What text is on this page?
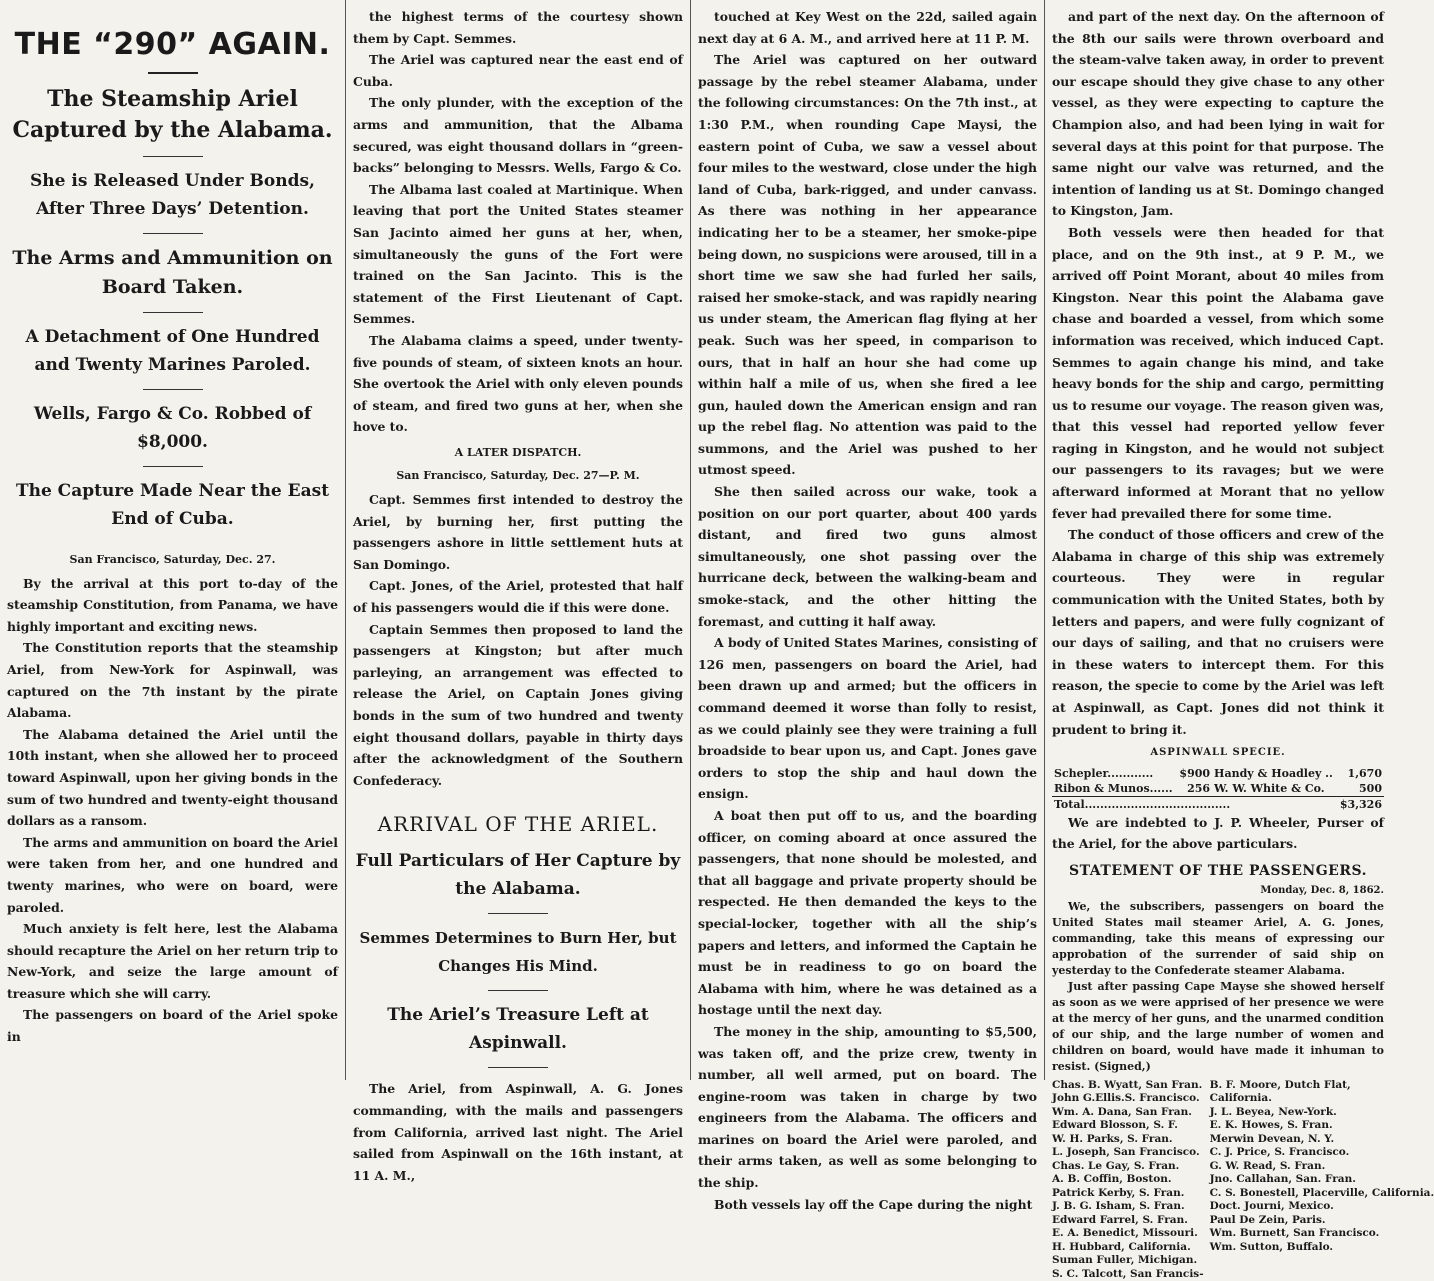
THE “290” AGAIN.
The Steamship Ariel Captured by the Alabama.
She is Released Under Bonds, After Three Days’ Detention.
The Arms and Ammunition on Board Taken.
A Detachment of One Hundred and Twenty Marines Paroled.
Wells, Fargo & Co. Robbed of $8,000.
The Capture Made Near the East End of Cuba.
San Francisco, Saturday, Dec. 27.

By the arrival at this port to-day of the steamship Constitution, from Panama, we have highly important and exciting news.

The Constitution reports that the steamship Ariel, from New-York for Aspinwall, was captured on the 7th instant by the pirate Alabama.

The Alabama detained the Ariel until the 10th instant, when she allowed her to proceed toward Aspinwall, upon her giving bonds in the sum of two hundred and twenty-eight thousand dollars as a ransom.

The arms and ammunition on board the Ariel were taken from her, and one hundred and twenty marines, who were on board, were paroled.

Much anxiety is felt here, lest the Alabama should recapture the Ariel on her return trip to New-York, and seize the large amount of treasure which she will carry.

The passengers on board of the Ariel spoke in

the highest terms of the courtesy shown them by Capt. Semmes.

The Ariel was captured near the east end of Cuba.

The only plunder, with the exception of the arms and ammunition, that the Albama secured, was eight thousand dollars in “green-backs” belonging to Messrs. Wells, Fargo & Co.

The Albama last coaled at Martinique. When leaving that port the United States steamer San Jacinto aimed her guns at her, when, simultaneously the guns of the Fort were trained on the San Jacinto. This is the statement of the First Lieutenant of Capt. Semmes.

The Alabama claims a speed, under twenty-five pounds of steam, of sixteen knots an hour. She overtook the Ariel with only eleven pounds of steam, and fired two guns at her, when she hove to.

A LATER DISPATCH.
San Francisco, Saturday, Dec. 27—P. M.

Capt. Semmes first intended to destroy the Ariel, by burning her, first putting the passengers ashore in little settlement huts at San Domingo.

Capt. Jones, of the Ariel, protested that half of his passengers would die if this were done.

Captain Semmes then proposed to land the passengers at Kingston; but after much parleying, an arrangement was effected to release the Ariel, on Captain Jones giving bonds in the sum of two hundred and twenty eight thousand dollars, payable in thirty days after the acknowledgment of the Southern Confederacy.

ARRIVAL OF THE ARIEL.
Full Particulars of Her Capture by the Alabama.
Semmes Determines to Burn Her, but Changes His Mind.
The Ariel’s Treasure Left at Aspinwall.

The Ariel, from Aspinwall, A. G. Jones commanding, with the mails and passengers from California, arrived last night. The Ariel sailed from Aspinwall on the 16th instant, at 11 A. M.,

touched at Key West on the 22d, sailed again next day at 6 A. M., and arrived here at 11 P. M.

The Ariel was captured on her outward passage by the rebel steamer Alabama, under the following circumstances: On the 7th inst., at 1:30 P.M., when rounding Cape Maysi, the eastern point of Cuba, we saw a vessel about four miles to the westward, close under the high land of Cuba, bark-rigged, and under canvass. As there was nothing in her appearance indicating her to be a steamer, her smoke-pipe being down, no suspicions were aroused, till in a short time we saw she had furled her sails, raised her smoke-stack, and was rapidly nearing us under steam, the American flag flying at her peak. Such was her speed, in comparison to ours, that in half an hour she had come up within half a mile of us, when she fired a lee gun, hauled down the American ensign and ran up the rebel flag. No attention was paid to the summons, and the Ariel was pushed to her utmost speed.

She then sailed across our wake, took a position on our port quarter, about 400 yards distant, and fired two guns almost simultaneously, one shot passing over the hurricane deck, between the walking-beam and smoke-stack, and the other hitting the foremast, and cutting it half away.

A body of United States Marines, consisting of 126 men, passengers on board the Ariel, had been drawn up and armed; but the officers in command deemed it worse than folly to resist, as we could plainly see they were training a full broadside to bear upon us, and Capt. Jones gave orders to stop the ship and haul down the ensign.

A boat then put off to us, and the boarding officer, on coming aboard at once assured the passengers, that none should be molested, and that all baggage and private property should be respected. He then demanded the keys to the special-locker, together with all the ship’s papers and letters, and informed the Captain he must be in readiness to go on board the Alabama with him, where he was detained as a hostage until the next day.

The money in the ship, amounting to $5,500, was taken off, and the prize crew, twenty in number, all well armed, put on board. The engine-room was taken in charge by two engineers from the Alabama. The officers and marines on board the Ariel were paroled, and their arms taken, as well as some belonging to the ship.

Both vessels lay off the Cape during the night

and part of the next day. On the afternoon of the 8th our sails were thrown overboard and the steam-valve taken away, in order to prevent our escape should they give chase to any other vessel, as they were expecting to capture the Champion also, and had been lying in wait for several days at this point for that purpose. The same night our valve was returned, and the intention of landing us at St. Domingo changed to Kingston, Jam.

Both vessels were then headed for that place, and on the 9th inst., at 9 P. M., we arrived off Point Morant, about 40 miles from Kingston. Near this point the Alabama gave chase and boarded a vessel, from which some information was received, which induced Capt. Semmes to again change his mind, and take heavy bonds for the ship and cargo, permitting us to resume our voyage. The reason given was, that this vessel had reported yellow fever raging in Kingston, and he would not subject our passengers to its ravages; but we were afterward informed at Morant that no yellow fever had prevailed there for some time.

The conduct of those officers and crew of the Alabama in charge of this ship was extremely courteous. They were in regular communication with the United States, both by letters and papers, and were fully cognizant of our days of sailing, and that no cruisers were in these waters to intercept them. For this reason, the specie to come by the Ariel was left at Aspinwall, as Capt. Jones did not think it prudent to bring it.

ASPINWALL SPECIE.
Schepler............	$900	Handy & Hoadley ..	1,670
Ribon & Munos......	256	W. W. White & Co.	500
Total......................................			$3,326

We are indebted to J. P. Wheeler, Purser of the Ariel, for the above particulars.

STATEMENT OF THE PASSENGERS.
Monday, Dec. 8, 1862.

We, the subscribers, passengers on board the United States mail steamer Ariel, A. G. Jones, commanding, take this means of expressing our approbation of the surrender of said ship on yesterday to the Confederate steamer Alabama.

Just after passing Cape Mayse she showed herself as soon as we were apprised of her presence we were at the mercy of her guns, and the unarmed condition of our ship, and the large number of women and children on board, would have made it inhuman to resist. (Signed,)

Chas. B. Wyatt, San Fran.
John G.Ellis.S. Francisco.
Wm. A. Dana, San Fran.
Edward Blosson, S. F.
W. H. Parks, S. Fran.
L. Joseph, San Francisco.
Chas. Le Gay, S. Fran.
A. B. Coffin, Boston.
Patrick Kerby, S. Fran.
J. B. G. Isham, S. Fran.
Edward Farrel, S. Fran.
E. A. Benedict, Missouri.
H. Hubbard, California.
Suman Fuller, Michigan.
S. C. Talcott, San Francis-
B. F. Moore, Dutch Flat,
California.
J. L. Beyea, New-York.
E. K. Howes, S. Fran.
Merwin Devean, N. Y.
C. J. Price, S. Francisco.
G. W. Read, S. Fran.
Jno. Callahan, San. Fran.
C. S. Bonestell, Placerville, California.
Doct. Journi, Mexico.
Paul De Zein, Paris.
Wm. Burnett, San Francisco.
Wm. Sutton, Buffalo.
